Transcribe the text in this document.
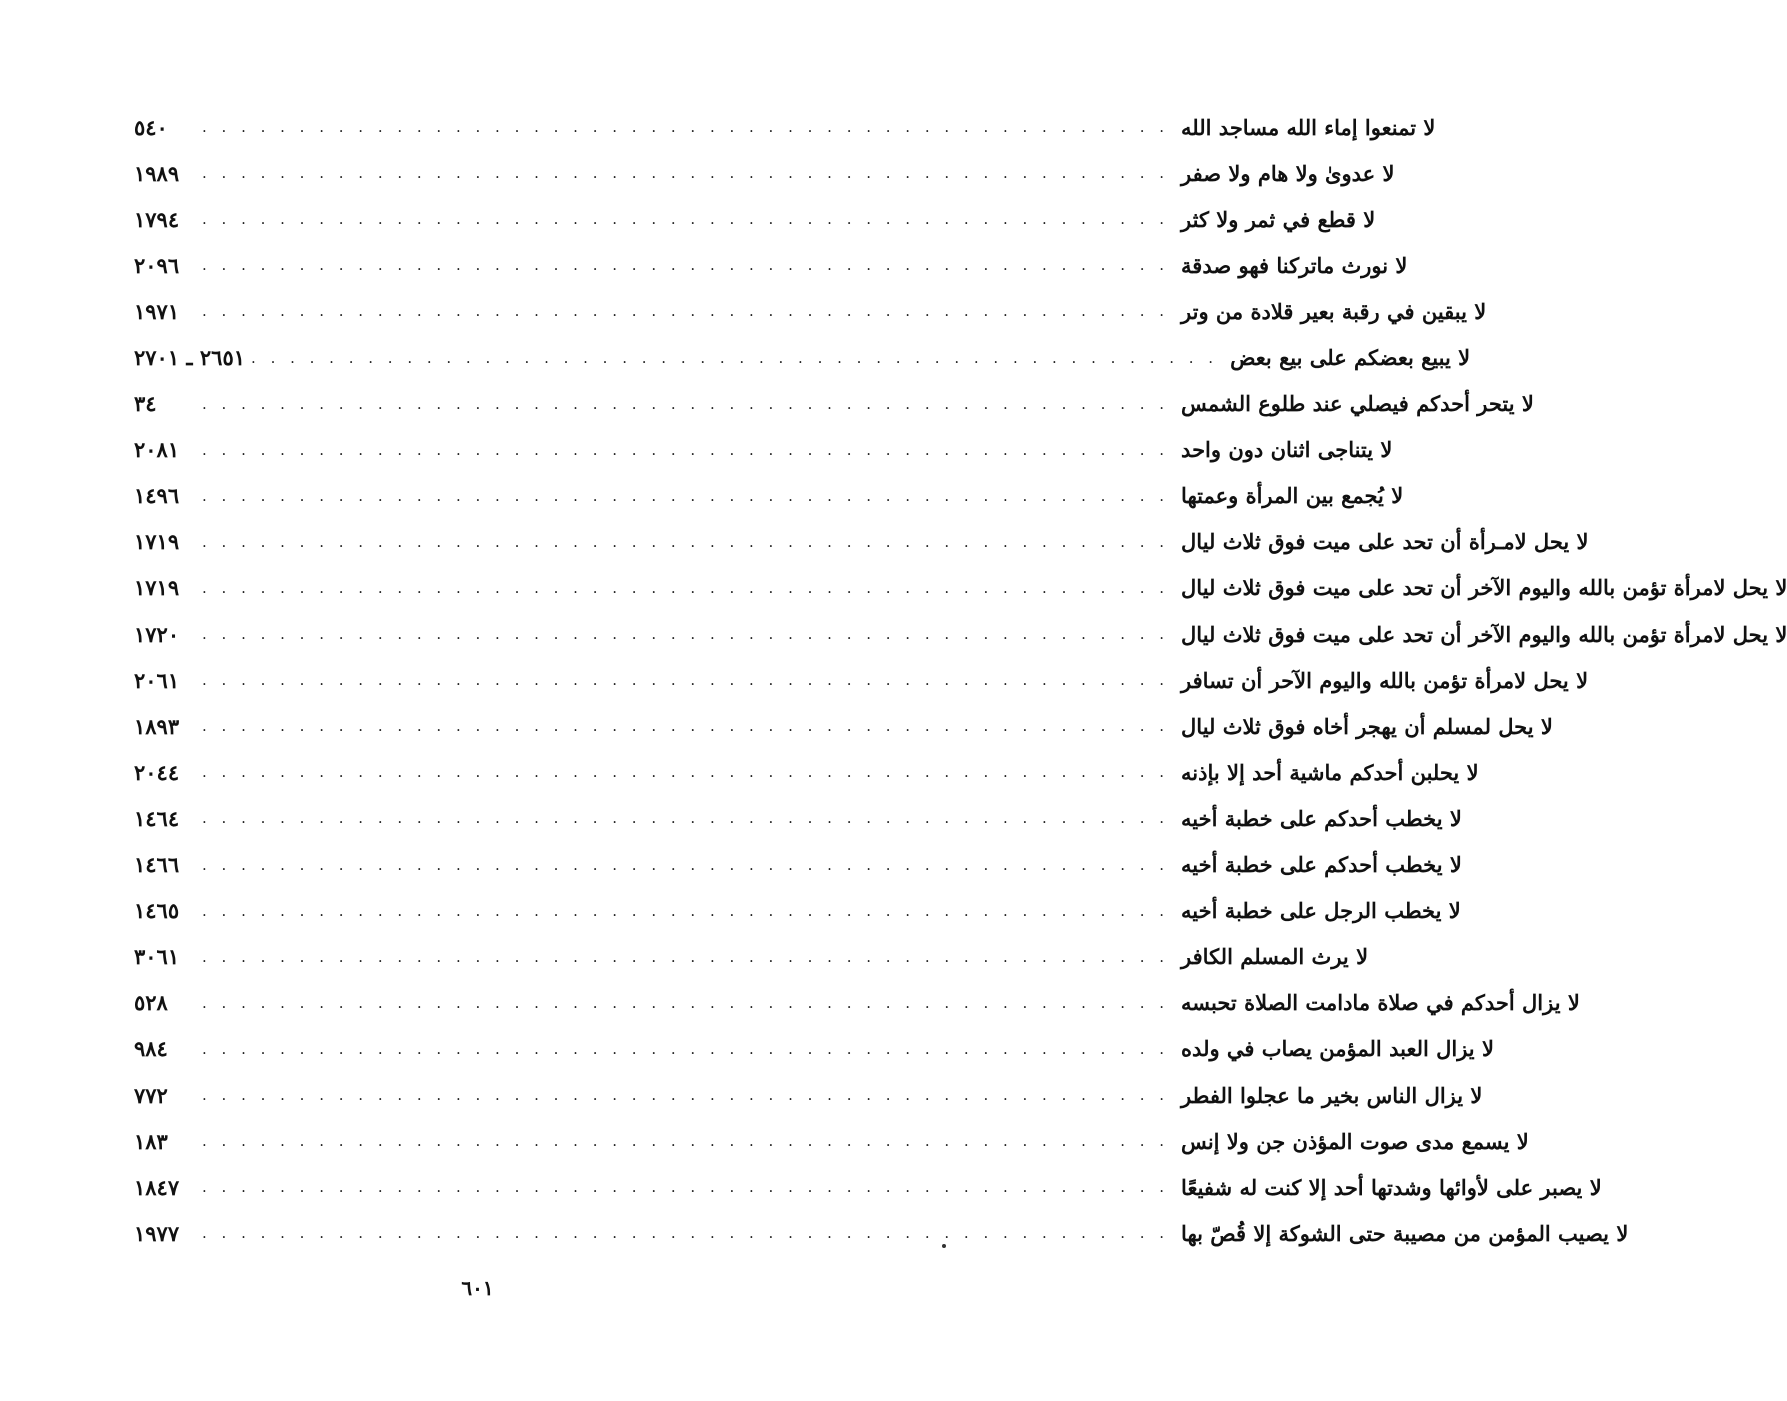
٥٤٠	. . . . . . . . . . . . . . . . . . . . . . . . . . . . . . . . . . . . . . . . . . . . . . . . . . لا تمنعوا إماء الله مساجد الله
١٩٨٩	. . . . . . . . . . . . . . . . . . . . . . . . . . . . . . . . . . . . . . . . . . . . . . . . . . لا عدوىٰ ولا هام ولا صفر
١٧٩٤	. . . . . . . . . . . . . . . . . . . . . . . . . . . . . . . . . . . . . . . . . . . . . . . . . . لا قطع في ثمر ولا كثر
٢٠٩٦	. . . . . . . . . . . . . . . . . . . . . . . . . . . . . . . . . . . . . . . . . . . . . . . . . . لا نورث ماتركنا فهو صدقة
١٩٧١	. . . . . . . . . . . . . . . . . . . . . . . . . . . . . . . . . . . . . . . . . . . . . . . . . . لا يبقين في رقبة بعير قلادة من وتر
٢٦٥١ ـ ٢٧٠١ . . . . . . . . . . . . . . . . . . . . . . . . . . . . . . . . . . . . . . . . . . . . . . . . . . لا يبيع بعضكم على بيع بعض
٣٤	. . . . . . . . . . . . . . . . . . . . . . . . . . . . . . . . . . . . . . . . . . . . . . . . . . لا يتحر أحدكم فيصلي عند طلوع الشمس
٢٠٨١	. . . . . . . . . . . . . . . . . . . . . . . . . . . . . . . . . . . . . . . . . . . . . . . . . . لا يتناجى اثنان دون واحد
١٤٩٦	. . . . . . . . . . . . . . . . . . . . . . . . . . . . . . . . . . . . . . . . . . . . . . . . . . لا يُجمع بين المرأة وعمتها
١٧١٩	. . . . . . . . . . . . . . . . . . . . . . . . . . . . . . . . . . . . . . . . . . . . . . . . . . لا يحل لامـرأة أن تحد على ميت فوق ثلاث ليال
١٧١٩	. . . . . . . . . . . . . . . . . . . . . . . . . . . . . . . . . . . . . . . . . . . . . . . . . . لا يحل لامرأة تؤمن بالله واليوم الآخر أن تحد على ميت فوق ثلاث ليال
١٧٢٠	. . . . . . . . . . . . . . . . . . . . . . . . . . . . . . . . . . . . . . . . . . . . . . . . . . لا يحل لامرأة تؤمن بالله واليوم الآخر أن تحد على ميت فوق ثلاث ليال
٢٠٦١	. . . . . . . . . . . . . . . . . . . . . . . . . . . . . . . . . . . . . . . . . . . . . . . . . . لا يحل لامرأة تؤمن بالله واليوم الآحر أن تسافر
١٨٩٣	. . . . . . . . . . . . . . . . . . . . . . . . . . . . . . . . . . . . . . . . . . . . . . . . . . لا يحل لمسلم أن يهجر أخاه فوق ثلاث ليال
٢٠٤٤	. . . . . . . . . . . . . . . . . . . . . . . . . . . . . . . . . . . . . . . . . . . . . . . . . . لا يحلبن أحدكم ماشية أحد إلا بإذنه
١٤٦٤	. . . . . . . . . . . . . . . . . . . . . . . . . . . . . . . . . . . . . . . . . . . . . . . . . . لا يخطب أحدكم على خطبة أخيه
١٤٦٦	. . . . . . . . . . . . . . . . . . . . . . . . . . . . . . . . . . . . . . . . . . . . . . . . . . لا يخطب أحدكم على خطبة أخيه
١٤٦٥	. . . . . . . . . . . . . . . . . . . . . . . . . . . . . . . . . . . . . . . . . . . . . . . . . . لا يخطب الرجل على خطبة أخيه
٣٠٦١	. . . . . . . . . . . . . . . . . . . . . . . . . . . . . . . . . . . . . . . . . . . . . . . . . . لا يرث المسلم الكافر
٥٢٨	. . . . . . . . . . . . . . . . . . . . . . . . . . . . . . . . . . . . . . . . . . . . . . . . . . لا يزال أحدكم في صلاة مادامت الصلاة تحبسه
٩٨٤	. . . . . . . . . . . . . . . . . . . . . . . . . . . . . . . . . . . . . . . . . . . . . . . . . . لا يزال العبد المؤمن يصاب في ولده
٧٧٢	. . . . . . . . . . . . . . . . . . . . . . . . . . . . . . . . . . . . . . . . . . . . . . . . . . لا يزال الناس بخير ما عجلوا الفطر
١٨٣	. . . . . . . . . . . . . . . . . . . . . . . . . . . . . . . . . . . . . . . . . . . . . . . . . . لا يسمع مدى صوت المؤذن جن ولا إنس
١٨٤٧	. . . . . . . . . . . . . . . . . . . . . . . . . . . . . . . . . . . . . . . . . . . . . . . . . . لا يصبر على لأوائها وشدتها أحد إلا كنت له شفيعًا
١٩٧٧	. . . . . . . . . . . . . . . . . . . . . . . . . . . . . . . . . . . . . . . . . . . . . . . . . . لا يصيب المؤمن من مصيبة حتى الشوكة إلا قُصّ بها
٦٠١
